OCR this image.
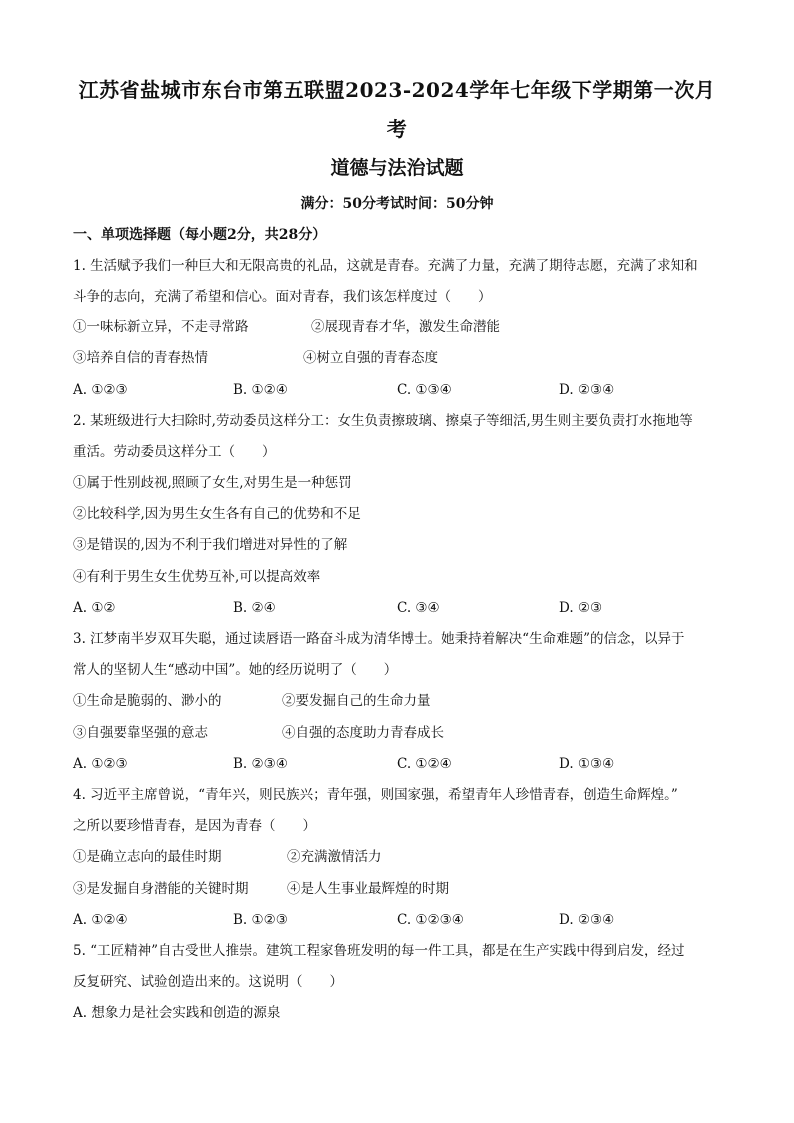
江苏省盐城市东台市第五联盟2023-2024学年七年级下学期第一次月
考
道德与法治试题
满分：50分考试时间：50分钟
一、单项选择题（每小题2分，共28分）
1. 生活赋予我们一种巨大和无限高贵的礼品，这就是青春。充满了力量，充满了期待志愿，充满了求知和
斗争的志向，充满了希望和信心。面对青春，我们该怎样度过（　　）
①一味标新立异，不走寻常路	②展现青春才华，激发生命潜能
③培养自信的青春热情	④树立自强的青春态度
A. ①②③	B. ①②④	C. ①③④	D. ②③④
2. 某班级进行大扫除时,劳动委员这样分工：女生负责擦玻璃、擦桌子等细活,男生则主要负责打水拖地等
重活。劳动委员这样分工（　　）
①属于性别歧视,照顾了女生,对男生是一种惩罚
②比较科学,因为男生女生各有自己的优势和不足
③是错误的,因为不利于我们增进对异性的了解
④有利于男生女生优势互补,可以提高效率
A. ①②	B. ②④	C. ③④	D. ②③
3. 江梦南半岁双耳失聪，通过读唇语一路奋斗成为清华博士。她秉持着解决“生命难题”的信念，以异于
常人的坚韧人生“感动中国”。她的经历说明了（　　）
①生命是脆弱的、渺小的	②要发掘自己的生命力量
③自强要靠坚强的意志	④自强的态度助力青春成长
A. ①②③	B. ②③④	C. ①②④	D. ①③④
4. 习近平主席曾说，“青年兴，则民族兴；青年强，则国家强，希望青年人珍惜青春，创造生命辉煌。”
之所以要珍惜青春，是因为青春（　　）
①是确立志向的最佳时期	②充满激情活力
③是发掘自身潜能的关键时期	④是人生事业最辉煌的时期
A. ①②④	B. ①②③	C. ①②③④	D. ②③④
5. “工匠精神”自古受世人推崇。建筑工程家鲁班发明的每一件工具，都是在生产实践中得到启发，经过
反复研究、试验创造出来的。这说明（　　）
A. 想象力是社会实践和创造的源泉
